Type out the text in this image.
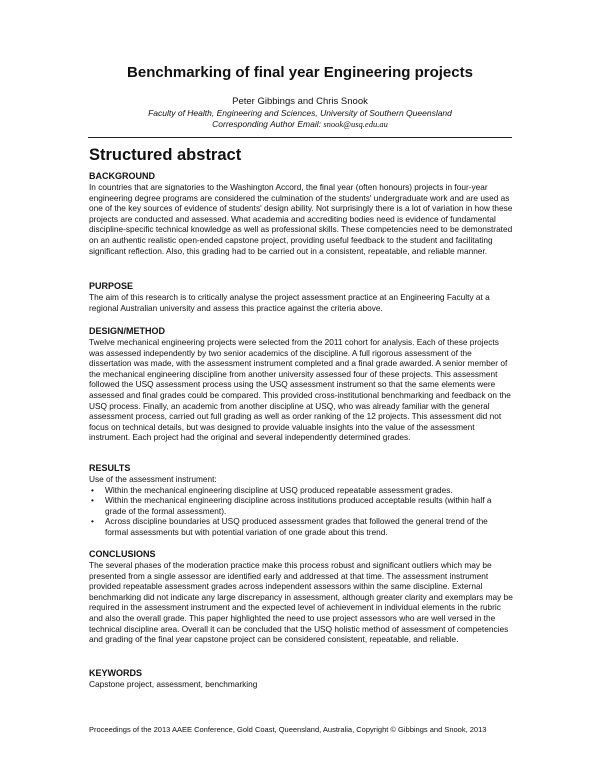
Benchmarking of final year Engineering projects
Peter Gibbings and Chris Snook
Faculty of Health, Engineering and Sciences, University of Southern Queensland
Corresponding Author Email: snook@usq.edu.au
Structured abstract
BACKGROUND

In countries that are signatories to the Washington Accord, the final year (often honours) projects in four-year engineering degree programs are considered the culmination of the students' undergraduate work and are used as one of the key sources of evidence of students' design ability. Not surprisingly there is a lot of variation in how these projects are conducted and assessed. What academia and accrediting bodies need is evidence of fundamental discipline-specific technical knowledge as well as professional skills. These competencies need to be demonstrated on an authentic realistic open-ended capstone project, providing useful feedback to the student and facilitating significant reflection. Also, this grading had to be carried out in a consistent, repeatable, and reliable manner.

PURPOSE

The aim of this research is to critically analyse the project assessment practice at an Engineering Faculty at a regional Australian university and assess this practice against the criteria above.

DESIGN/METHOD

Twelve mechanical engineering projects were selected from the 2011 cohort for analysis. Each of these projects was assessed independently by two senior academics of the discipline. A full rigorous assessment of the dissertation was made, with the assessment instrument completed and a final grade awarded. A senior member of the mechanical engineering discipline from another university assessed four of these projects. This assessment followed the USQ assessment process using the USQ assessment instrument so that the same elements were assessed and final grades could be compared. This provided cross-institutional benchmarking and feedback on the USQ process. Finally, an academic from another discipline at USQ, who was already familiar with the general assessment process, carried out full grading as well as order ranking of the 12 projects. This assessment did not focus on technical details, but was designed to provide valuable insights into the value of the assessment instrument. Each project had the original and several independently determined grades.

RESULTS

Use of the assessment instrument:

• Within the mechanical engineering discipline at USQ produced repeatable assessment grades.
• Within the mechanical engineering discipline across institutions produced acceptable results (within half a grade of the formal assessment).
• Across discipline boundaries at USQ produced assessment grades that followed the general trend of the formal assessments but with potential variation of one grade about this trend.
CONCLUSIONS

The several phases of the moderation practice make this process robust and significant outliers which may be presented from a single assessor are identified early and addressed at that time. The assessment instrument provided repeatable assessment grades across independent assessors within the same discipline. External benchmarking did not indicate any large discrepancy in assessment, although greater clarity and exemplars may be required in the assessment instrument and the expected level of achievement in individual elements in the rubric and also the overall grade. This paper highlighted the need to use project assessors who are well versed in the technical discipline area. Overall it can be concluded that the USQ holistic method of assessment of competencies and grading of the final year capstone project can be considered consistent, repeatable, and reliable.

KEYWORDS

Capstone project, assessment, benchmarking

Proceedings of the 2013 AAEE Conference, Gold Coast, Queensland, Australia, Copyright © Gibbings and Snook, 2013
